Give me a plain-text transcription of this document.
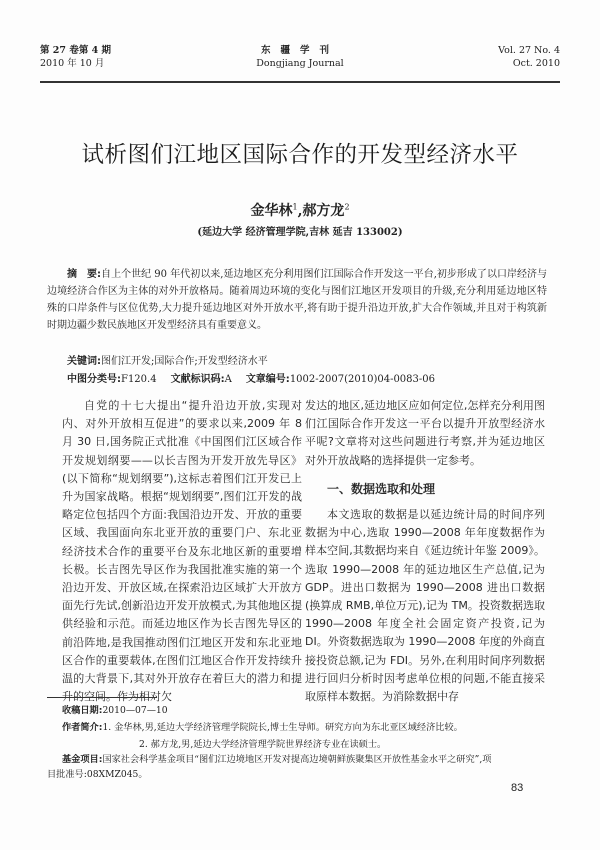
第 27 卷第 4 期
2010 年 10 月
东疆学刊
Dongjiang Journal
Vol. 27 No. 4
Oct. 2010
试析图们江地区国际合作的开发型经济水平
金华林$^1$,郝方龙$^2$
(延边大学 经济管理学院,吉林 延吉 133002)
摘　要:自上个世纪 90 年代初以来,延边地区充分利用图们江国际合作开发这一平台,初步形成了以口岸经济与边境经济合作区为主体的对外开放格局。随着周边环境的变化与图们江地区开发项目的升级,充分利用延边地区特殊的口岸条件与区位优势,大力提升延边地区对外开放水平,将有助于提升沿边开放,扩大合作领域,并且对于构筑新时期边疆少数民族地区开发型经济具有重要意义。
关键词:图们江开发;国际合作;开发型经济水平
中图分类号:F120.4 文献标识码:A 文章编号:1002-2007(2010)04-0083-06

自党的十七大提出“提升沿边开放,实现对内、对外开放相互促进”的要求以来,2009 年 8 月 30 日,国务院正式批准《中国图们江区域合作开发规划纲要——以长吉图为开发开放先导区》(以下简称“规划纲要”),这标志着图们江开发已上升为国家战略。根据“规划纲要”,图们江开发的战略定位包括四个方面:我国沿边开发、开放的重要区域、我国面向东北亚开放的重要门户、东北亚经济技术合作的重要平台及东北地区新的重要增长极。长吉图先导区作为我国批准实施的第一个沿边开发、开放区域,在探索沿边区域扩大开放方面先行先试,创新沿边开发开放模式,为其他地区提供经验和示范。而延边地区作为长吉图先导区的前沿阵地,是我国推动图们江地区开发和东北亚地区合作的重要载体,在图们江地区合作开发持续升温的大背景下,其对外开放存在着巨大的潜力和提升的空间。作为相对欠

发达的地区,延边地区应如何定位,怎样充分利用图们江国际合作开发这一平台以提升开放型经济水平呢?文章将对这些问题进行考察,并为延边地区对外开放战略的选择提供一定参考。

一、数据选取和处理

本文选取的数据是以延边统计局的时间序列数据为中心,选取 1990—2008 年年度数据作为样本空间,其数据均来自《延边统计年鉴 2009》。选取 1990—2008 年的延边地区生产总值,记为 GDP。进出口数据为 1990—2008 进出口数据(换算成 RMB,单位万元),记为 TM。投资数据选取 1990—2008 年度全社会固定资产投资,记为 DI。外资数据选取为 1990—2008 年度的外商直接投资总额,记为 FDI。另外,在利用时间序列数据进行回归分析时因考虑单位根的问题,不能直接采取原样本数据。为消除数据中存

收稿日期:2010—07—10
作者简介:1. 金华林,男,延边大学经济管理学院院长,博士生导师。研究方向为东北亚区域经济比较。
2. 郝方龙,男,延边大学经济管理学院世界经济专业在读硕士。
基金项目:国家社会科学基金项目“图们江边境地区开发对提高边境朝鲜族聚集区开放性基金水平之研究”,项
目批准号:08XMZ045。
83
